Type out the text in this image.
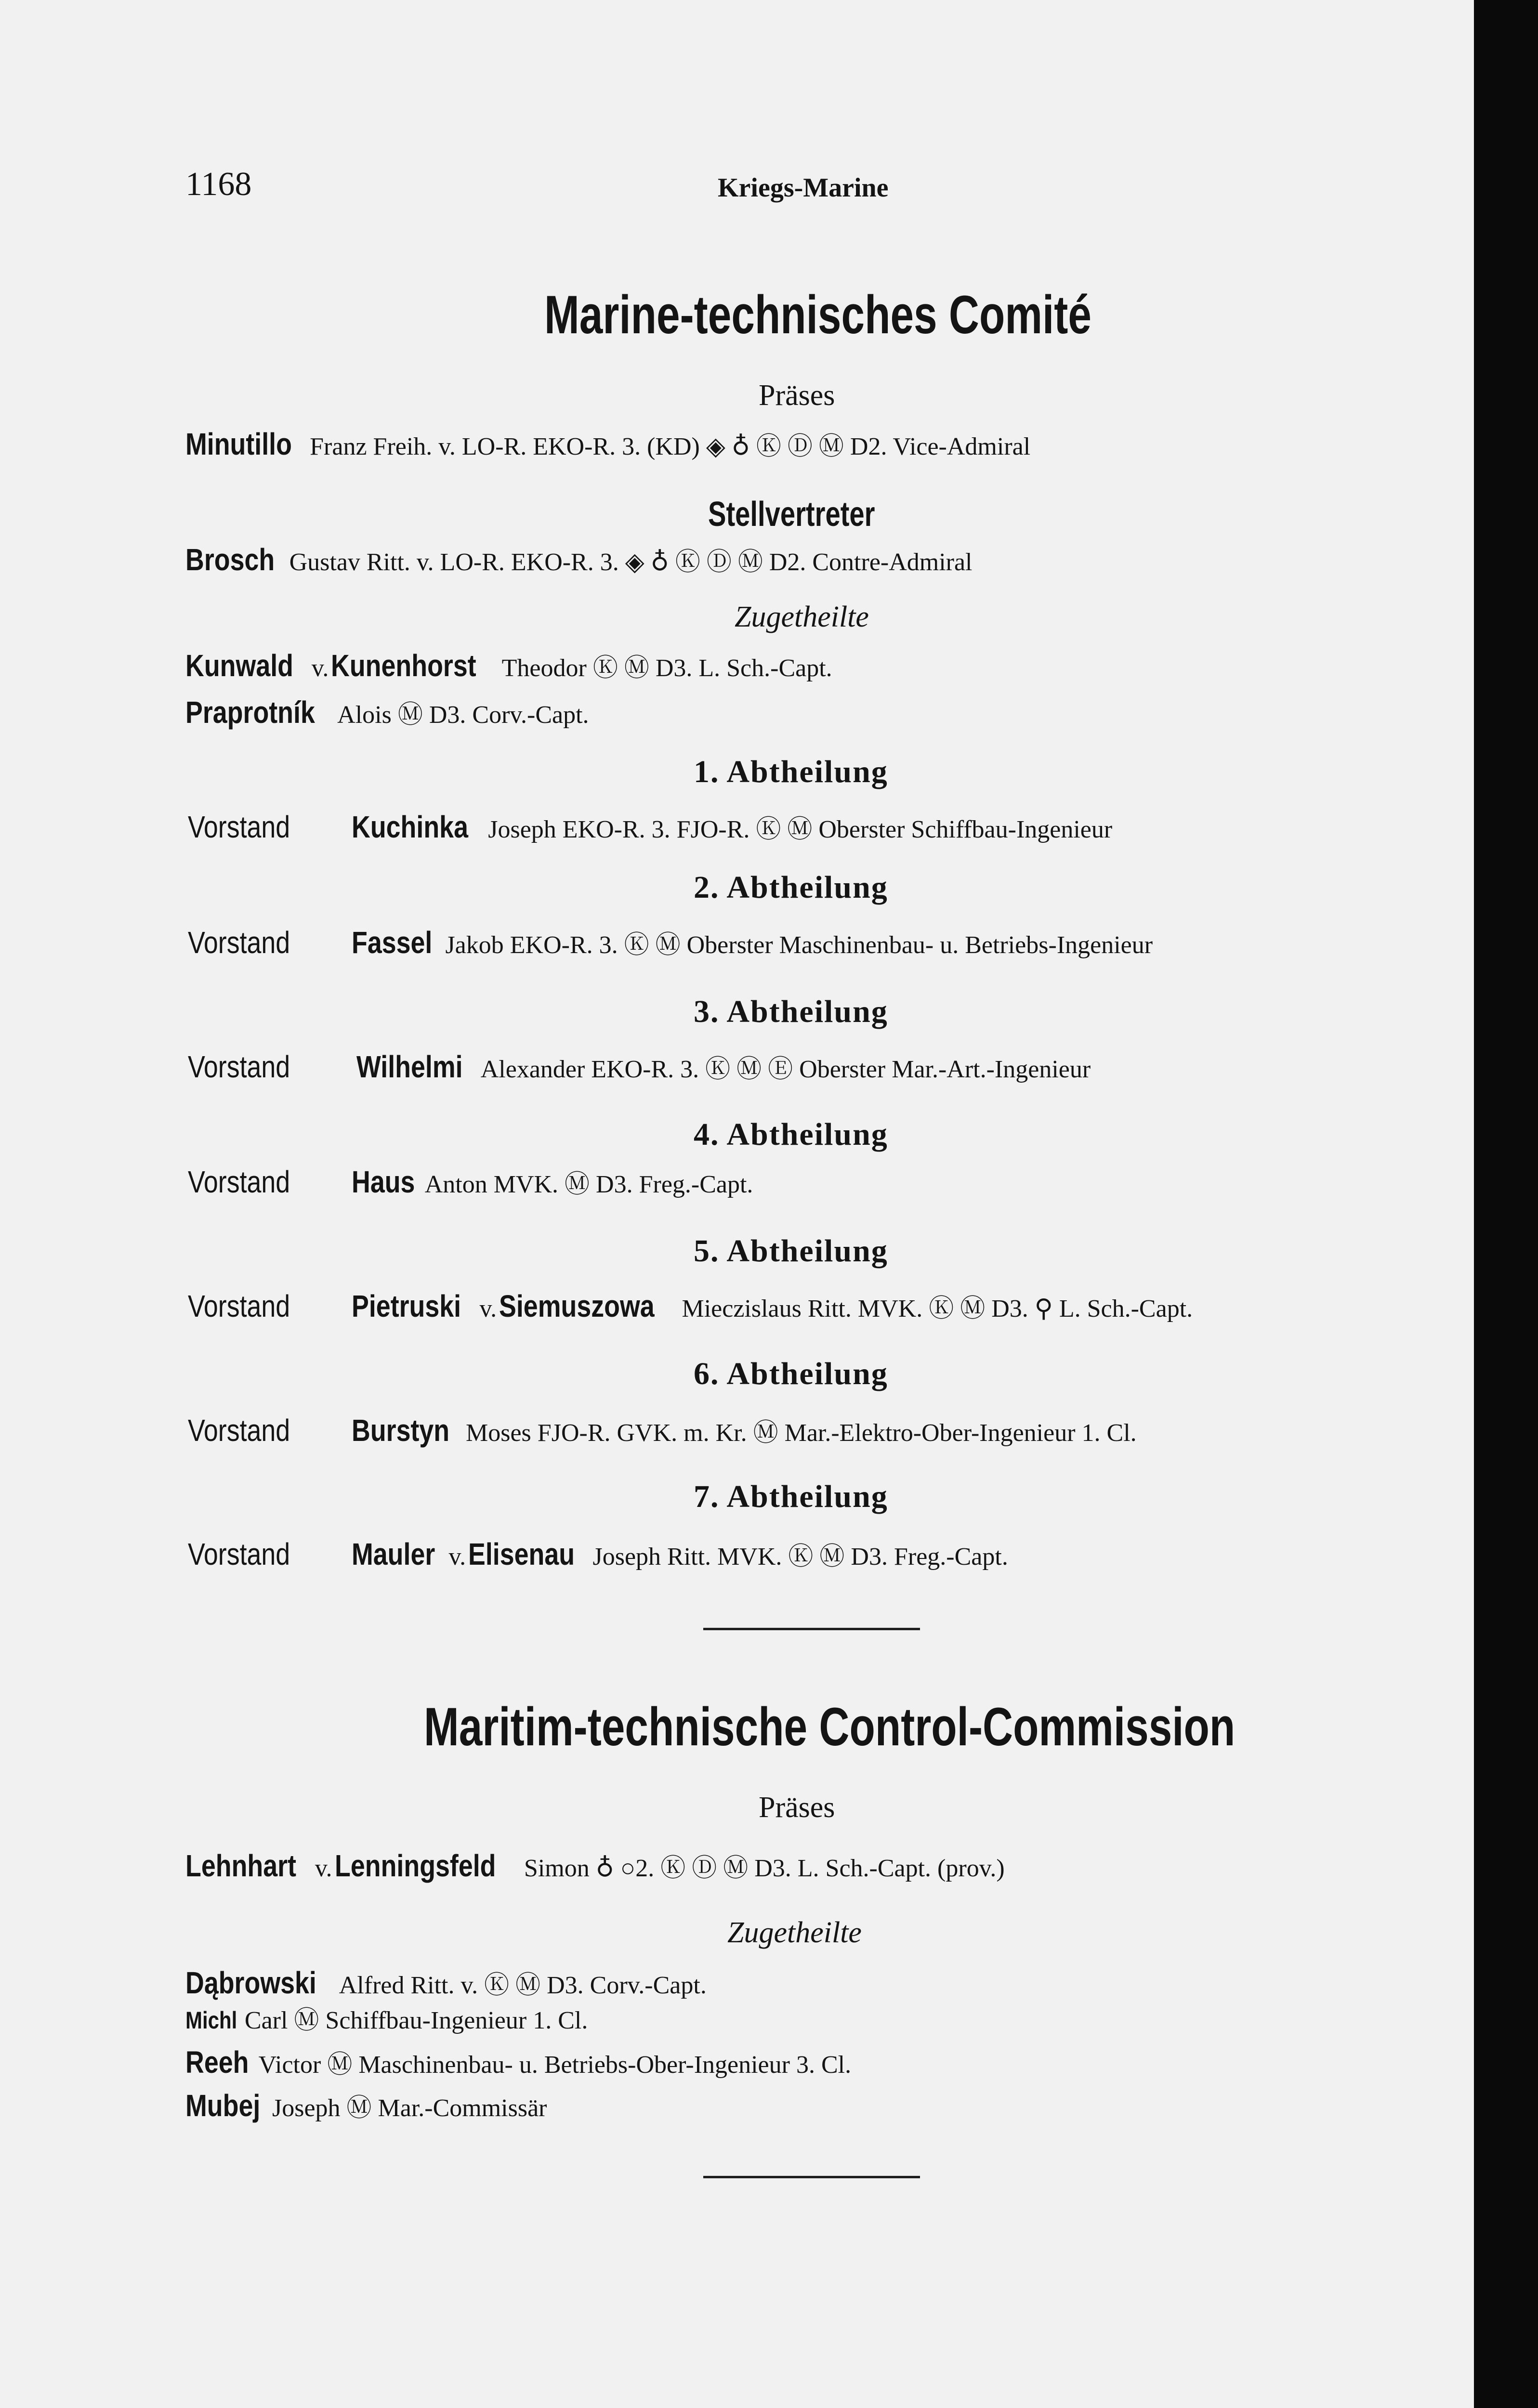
1168	Kriegs-Marine
Marine-technisches Comité
Präses
Minutillo Franz Freih. v. LO-R. EKO-R. 3. (KD) ◈ ♁ Ⓚ Ⓓ Ⓜ D2. Vice-Admiral
Stellvertreter
Brosch Gustav Ritt. v. LO-R. EKO-R. 3. ◈ ♁ Ⓚ Ⓓ Ⓜ D2. Contre-Admiral
Zugetheilte
Kunwald v. Kunenhorst Theodor Ⓚ Ⓜ D3. L. Sch.-Capt.
Praprotník Alois Ⓜ D3. Corv.-Capt.
1. Abtheilung
Vorstand Kuchinka Joseph EKO-R. 3. FJO-R. Ⓚ Ⓜ Oberster Schiffbau-Ingenieur
2. Abtheilung
Vorstand Fassel Jakob EKO-R. 3. Ⓚ Ⓜ Oberster Maschinenbau- u. Betriebs-Ingenieur
3. Abtheilung
Vorstand Wilhelmi Alexander EKO-R. 3. Ⓚ Ⓜ Ⓔ Oberster Mar.-Art.-Ingenieur
4. Abtheilung
Vorstand Haus Anton MVK. Ⓜ D3. Freg.-Capt.
5. Abtheilung
Vorstand Pietruski v. Siemuszowa Mieczislaus Ritt. MVK. Ⓚ Ⓜ D3. ⚲ L. Sch.-Capt.
6. Abtheilung
Vorstand Burstyn Moses FJO-R. GVK. m. Kr. Ⓜ Mar.-Elektro-Ober-Ingenieur 1. Cl.
7. Abtheilung
Vorstand Mauler v. Elisenau Joseph Ritt. MVK. Ⓚ Ⓜ D3. Freg.-Capt.
Maritim-technische Control-Commission
Präses
Lehnhart v. Lenningsfeld Simon ♁ ○2. Ⓚ Ⓓ Ⓜ D3. L. Sch.-Capt. (prov.)
Zugetheilte
Dąbrowski Alfred Ritt. v. Ⓚ Ⓜ D3. Corv.-Capt.
Michl Carl Ⓜ Schiffbau-Ingenieur 1. Cl.
Reeh Victor Ⓜ Maschinenbau- u. Betriebs-Ober-Ingenieur 3. Cl.
Mubej Joseph Ⓜ Mar.-Commissär
